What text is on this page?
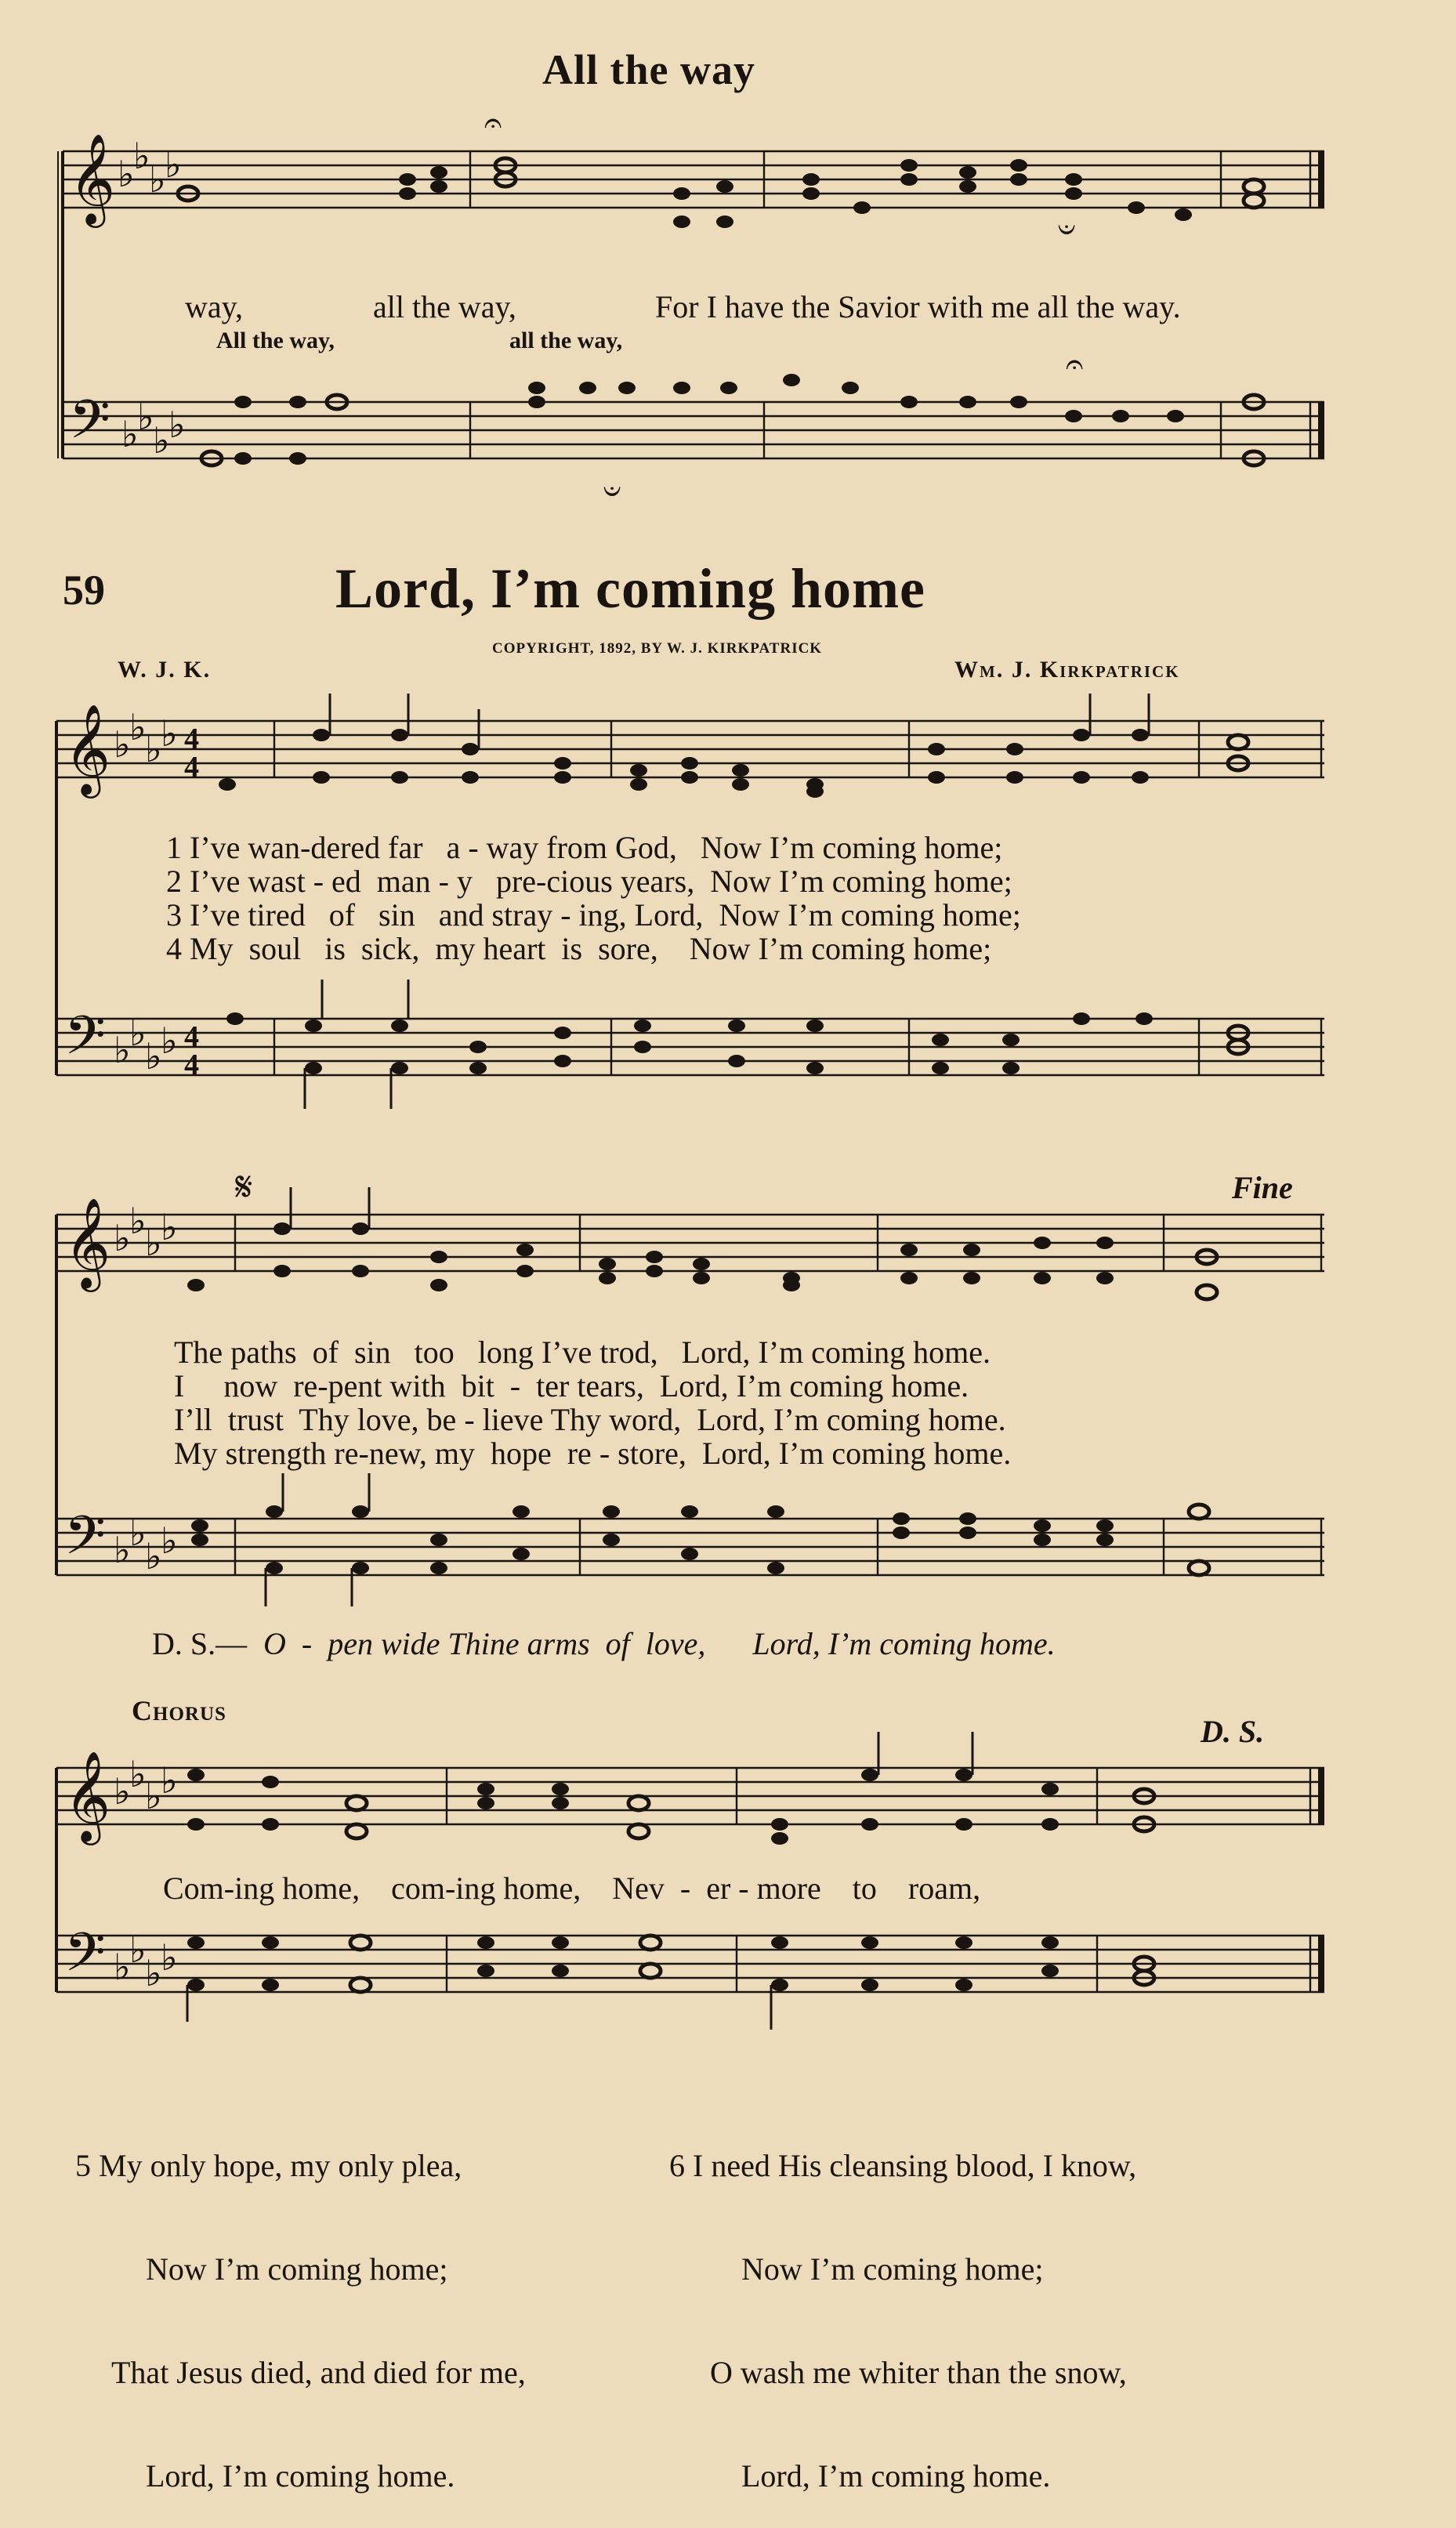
All the way
𝄞
𝄢
♭
♭
♭
♭
♭
♭
♭
♭
𝄐
𝄑
𝄑
𝄐
way,	all the way,	For I have the Savior with me all the way.
All the way,	all the way,
59	Lord, I’m coming home
COPYRIGHT, 1892, BY W. J. KIRKPATRICK
W. J. K.	Wm. J. Kirkpatrick
𝄞
𝄢
♭
♭
♭
♭
♭
♭
♭
♭
4
4
4
4
𝄞
𝄢
♭
♭
♭
♭
♭
♭
♭
♭
𝄋
𝄞
𝄢
♭
♭
♭
♭
♭
♭
♭
♭
1 I’ve wan-dered far   a - way from God,   Now I’m coming home;
2 I’ve wast - ed  man - y   pre-cious years,  Now I’m coming home;
3 I’ve tired   of   sin   and stray - ing, Lord,  Now I’m coming home;
4 My  soul   is  sick,  my heart  is  sore,    Now I’m coming home;
Fine
The paths  of  sin   too   long I’ve trod,   Lord, I’m coming home.
I     now  re-pent with  bit  -  ter tears,  Lord, I’m coming home.
I’ll  trust  Thy love, be - lieve Thy word,  Lord, I’m coming home.
My strength re-new, my  hope  re - store,  Lord, I’m coming home.
D. S.— O  -  pen wide Thine arms  of  love,      Lord, I’m coming home.
Chorus
D. S.
Com-ing home,    com-ing home,    Nev  -  er - more    to    roam,

5 My only hope, my only plea,

Now I’m coming home;

That Jesus died, and died for me,

Lord, I’m coming home.

6 I need His cleansing blood, I know,

Now I’m coming home;

O wash me whiter than the snow,

Lord, I’m coming home.
